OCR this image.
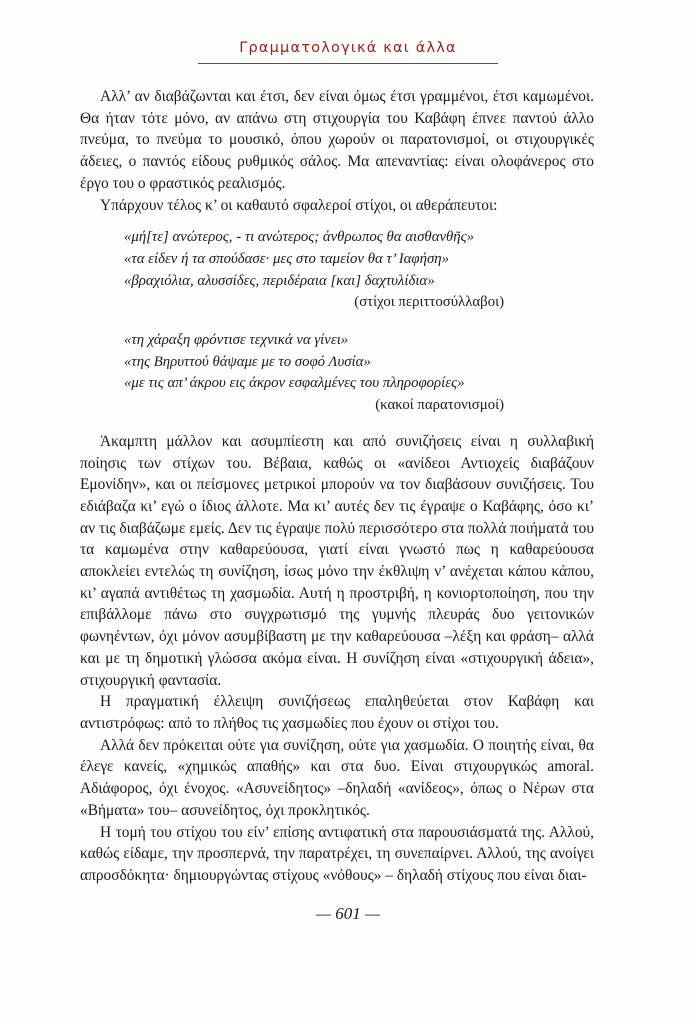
Γραμματολογικά και άλλα

Αλλ’ αν διαβάζωνται και έτσι, δεν είναι όμως έτσι γραμμένοι, έτσι καμωμένοι. Θα ήταν τότε μόνο, αν απάνω στη στιχουργία του Καβάφη έπνεε παντού άλλο πνεύμα, το πνεύμα το μουσικό, όπου χωρούν οι παρατονισμοί, οι στιχουργικές άδειες, ο παντός είδους ρυθμικός σάλος. Μα απεναντίας: είναι ολοφάνερος στο έργο του ο φραστικός ρεαλισμός.

Υπάρχουν τέλος κ’ οι καθαυτό σφαλεροί στίχοι, οι αθεράπευτοι:

«μή[τε] ανώτερος, - τι ανώτερος; άνθρωπος θα αισθανθῆς»
«τα είδεν ή τα σπούδασε· μες στο ταμείον θα τ’ Ιαφήση»
«βραχιόλια, αλυσσίδες, περιδέραια [και] δαχτυλίδια»
(στίχοι περιττοσύλλαβοι)
«τη χάραξη φρόντισε τεχνικά να γίνει»
«της Βηρυττού θάψαμε με το σοφό Λυσία»
«με τις απ’ άκρου εις άκρον εσφαλμένες του πληροφορίες»
(κακοί παρατονισμοί)

Άκαμπτη μάλλον και ασυμπίεστη και από συνιζήσεις είναι η συλλαβική ποίησις των στίχων του. Βέβαια, καθώς οι «ανίδεοι Αντιοχείς διαβάζουν Εμονίδην», και οι πείσμονες μετρικοί μπορούν να τον διαβάσουν συνιζήσεις. Του εδιάβαζα κι’ εγώ ο ίδιος άλλοτε. Μα κι’ αυτές δεν τις έγραψε ο Καβάφης, όσο κι’ αν τις διαβάζωμε εμείς. Δεν τις έγραψε πολύ περισσότερο στα πολλά ποιήματά του τα καμωμένα στην καθαρεύουσα, γιατί είναι γνωστό πως η καθαρεύουσα αποκλείει εντελώς τη συνίζηση, ίσως μόνο την έκθλιψη ν’ ανέχεται κάπου κάπου, κι’ αγαπά αντιθέτως τη χασμωδία. Αυτή η προστριβή, η κονιορτοποίηση, που την επιβάλλομε πάνω στο συγχρωτισμό της γυμνής πλευράς δυο γειτονικών φωνηέντων, όχι μόνον ασυμβίβαστη με την καθαρεύουσα –λέξη και φράση– αλλά και με τη δημοτική γλώσσα ακόμα είναι. Η συνίζηση είναι «στιχουργική άδεια», στιχουργική φαντασία.

Η πραγματική έλλειψη συνιζήσεως επαληθεύεται στον Καβάφη και αντιστρόφως: από το πλήθος τις χασμωδίες που έχουν οι στίχοι του.

Αλλά δεν πρόκειται ούτε για συνίζηση, ούτε για χασμωδία. Ο ποιητής είναι, θα έλεγε κανείς, «χημικώς απαθής» και στα δυο. Είναι στιχουργικώς amoral. Αδιάφορος, όχι ένοχος. «Ασυνείδητος» –δηλαδή «ανίδεος», όπως ο Νέρων στα «Βήματα» του– ασυνείδητος, όχι προκλητικός.

Η τομή του στίχου του είν’ επίσης αντιφατική στα παρουσιάσματά της. Αλλού, καθώς είδαμε, την προσπερνά, την παρατρέχει, τη συνεπαίρνει. Αλλού, της ανοίγει απροσδόκητα· δημιουργώντας στίχους «νόθους» – δηλαδή στίχους που είναι διαι-

— 601 —
